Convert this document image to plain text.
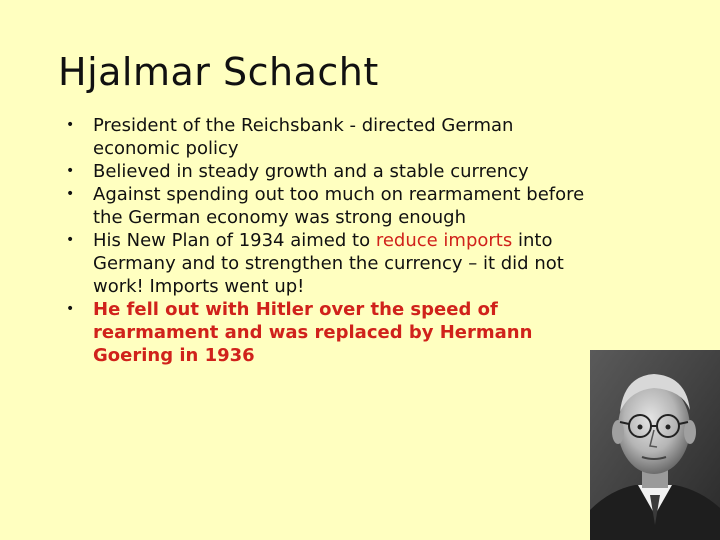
Hjalmar Schacht
• President of the Reichsbank - directed German economic policy
• Believed in steady growth and a stable currency
• Against spending out too much on rearmament before the German economy was strong enough
• His New Plan of 1934 aimed to reduce imports into Germany and to strengthen the currency – it did not work! Imports went up!
• He fell out with Hitler over the speed of rearmament and was replaced by Hermann Goering in 1936
